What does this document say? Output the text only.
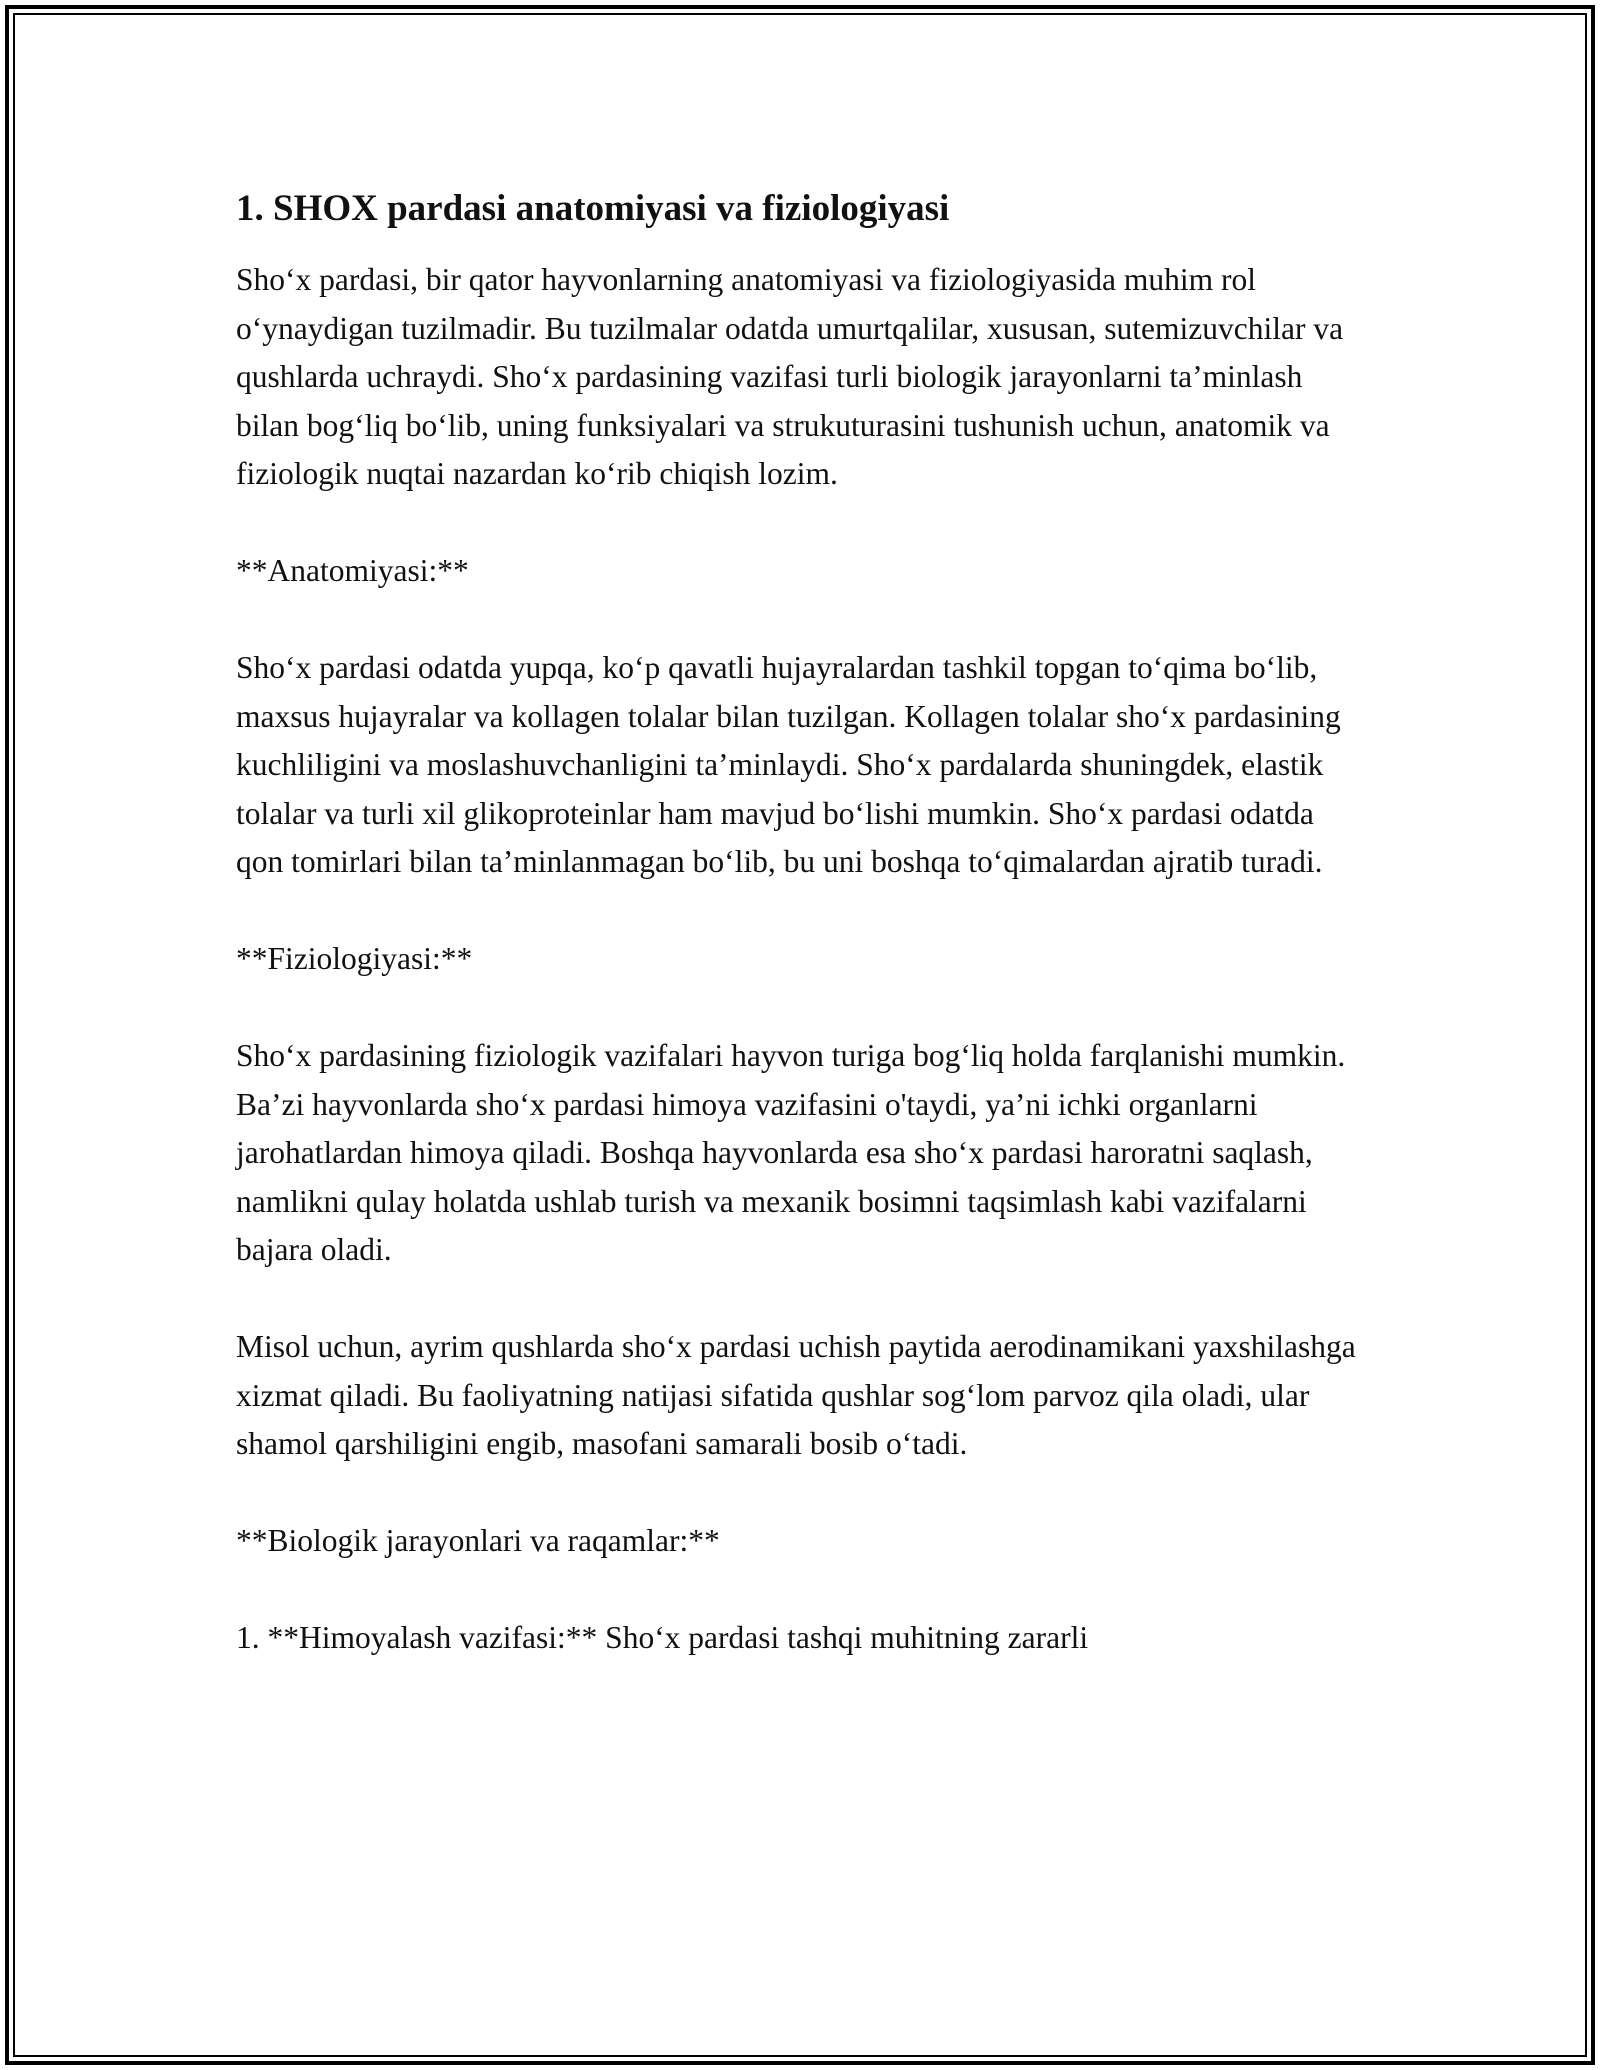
1. SHOX pardasi anatomiyasi va fiziologiyasi

Sho‘x pardasi, bir qator hayvonlarning anatomiyasi va fiziologiyasida muhim rol o‘ynaydigan tuzilmadir. Bu tuzilmalar odatda umurtqalilar, xususan, sutemizuvchilar va qushlarda uchraydi. Sho‘x pardasining vazifasi turli biologik jarayonlarni ta’minlash bilan bog‘liq bo‘lib, uning funksiyalari va strukuturasini tushunish uchun, anatomik va fiziologik nuqtai nazardan ko‘rib chiqish lozim.

**Anatomiyasi:**

Sho‘x pardasi odatda yupqa, ko‘p qavatli hujayralardan tashkil topgan to‘qima bo‘lib, maxsus hujayralar va kollagen tolalar bilan tuzilgan. Kollagen tolalar sho‘x pardasining kuchliligini va moslashuvchanligini ta’minlaydi. Sho‘x pardalarda shuningdek, elastik tolalar va turli xil glikoproteinlar ham mavjud bo‘lishi mumkin. Sho‘x pardasi odatda qon tomirlari bilan ta’minlanmagan bo‘lib, bu uni boshqa to‘qimalardan ajratib turadi.

**Fiziologiyasi:**

Sho‘x pardasining fiziologik vazifalari hayvon turiga bog‘liq holda farqlanishi mumkin. Ba’zi hayvonlarda sho‘x pardasi himoya vazifasini o'taydi, ya’ni ichki organlarni jarohatlardan himoya qiladi. Boshqa hayvonlarda esa sho‘x pardasi haroratni saqlash, namlikni qulay holatda ushlab turish va mexanik bosimni taqsimlash kabi vazifalarni bajara oladi.

Misol uchun, ayrim qushlarda sho‘x pardasi uchish paytida aerodinamikani yaxshilashga xizmat qiladi. Bu faoliyatning natijasi sifatida qushlar sog‘lom parvoz qila oladi, ular shamol qarshiligini engib, masofani samarali bosib o‘tadi.

**Biologik jarayonlari va raqamlar:**

1. **Himoyalash vazifasi:** Sho‘x pardasi tashqi muhitning zararli
